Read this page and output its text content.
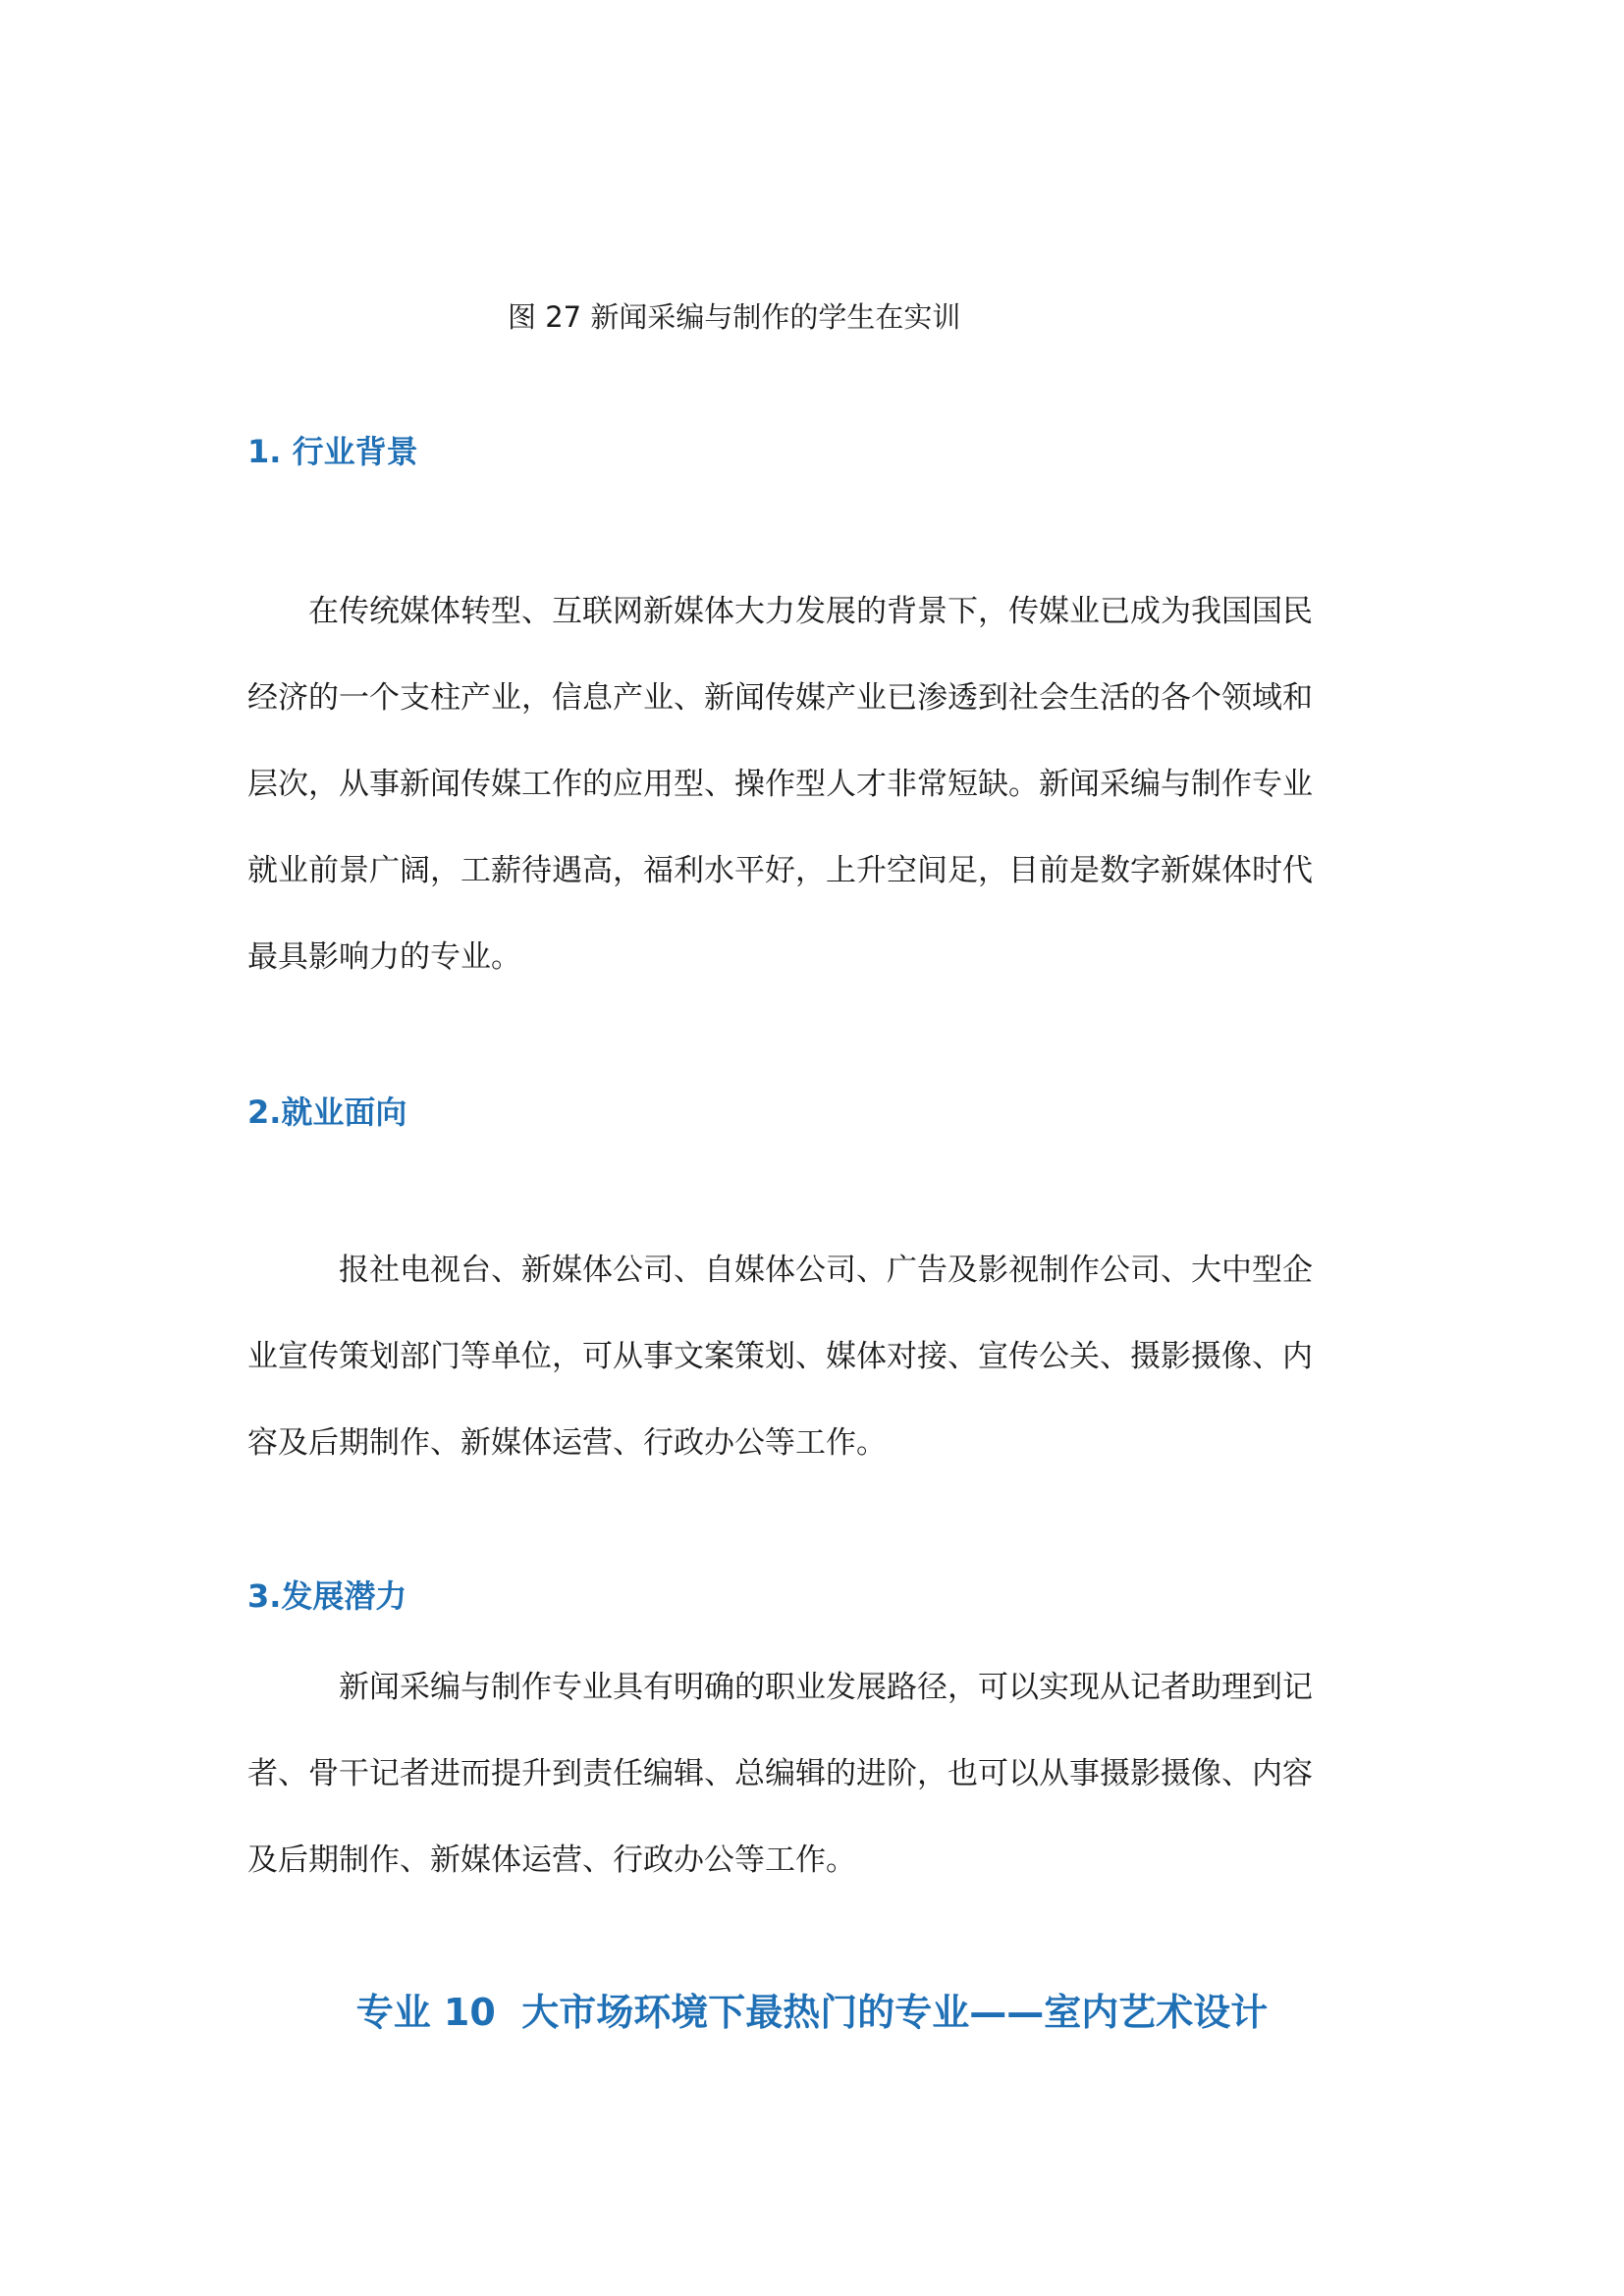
图 27 新闻采编与制作的学生在实训
1. 行业背景
　　在传统媒体转型、互联网新媒体大力发展的背景下，传媒业已成为我国国民
经济的一个支柱产业，信息产业、新闻传媒产业已渗透到社会生活的各个领域和
层次，从事新闻传媒工作的应用型、操作型人才非常短缺。新闻采编与制作专业
就业前景广阔，工薪待遇高，福利水平好，上升空间足，目前是数字新媒体时代
最具影响力的专业。
2.就业面向
　　　报社电视台、新媒体公司、自媒体公司、广告及影视制作公司、大中型企
业宣传策划部门等单位，可从事文案策划、媒体对接、宣传公关、摄影摄像、内
容及后期制作、新媒体运营、行政办公等工作。
3.发展潜力
　　　新闻采编与制作专业具有明确的职业发展路径，可以实现从记者助理到记
者、骨干记者进而提升到责任编辑、总编辑的进阶，也可以从事摄影摄像、内容
及后期制作、新媒体运营、行政办公等工作。
专业 10  大市场环境下最热门的专业——室内艺术设计
